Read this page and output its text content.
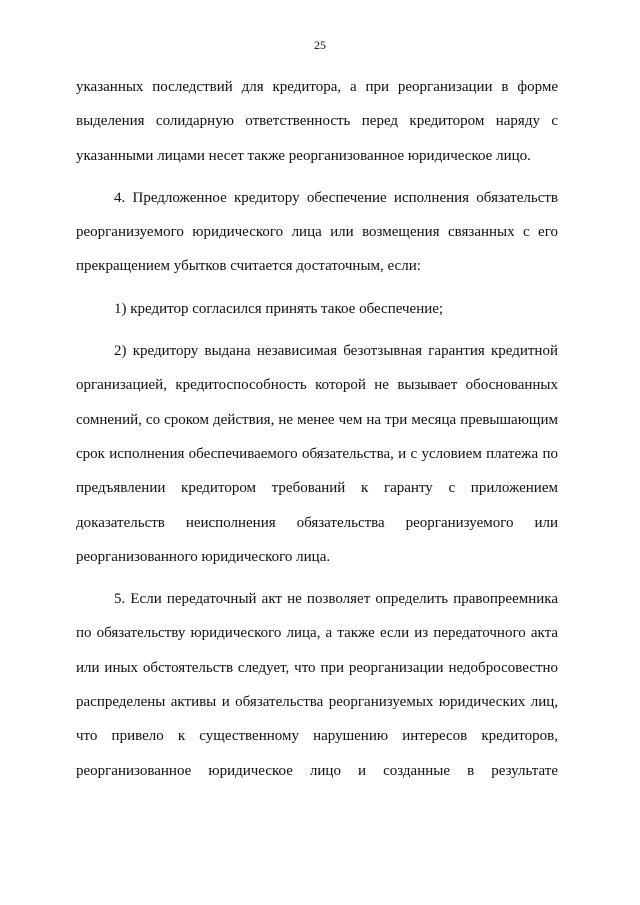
25

указанных последствий для кредитора, а при реорганизации в форме выделения солидарную ответственность перед кредитором наряду с указанными лицами несет также реорганизованное юридическое лицо.

4. Предложенное кредитору обеспечение исполнения обязательств реорганизуемого юридического лица или возмещения связанных с его прекращением убытков считается достаточным, если:

1) кредитор согласился принять такое обеспечение;

2) кредитору выдана независимая безотзывная гарантия кредитной организацией, кредитоспособность которой не вызывает обоснованных сомнений, со сроком действия, не менее чем на три месяца превышающим срок исполнения обеспечиваемого обязательства, и с условием платежа по предъявлении кредитором требований к гаранту с приложением доказательств неисполнения обязательства реорганизуемого или реорганизованного юридического лица.

5. Если передаточный акт не позволяет определить правопреемника по обязательству юридического лица, а также если из передаточного акта или иных обстоятельств следует, что при реорганизации недобросовестно распределены активы и обязательства реорганизуемых юридических лиц, что привело к существенному нарушению интересов кредиторов, реорганизованное юридическое лицо и созданные в результате
